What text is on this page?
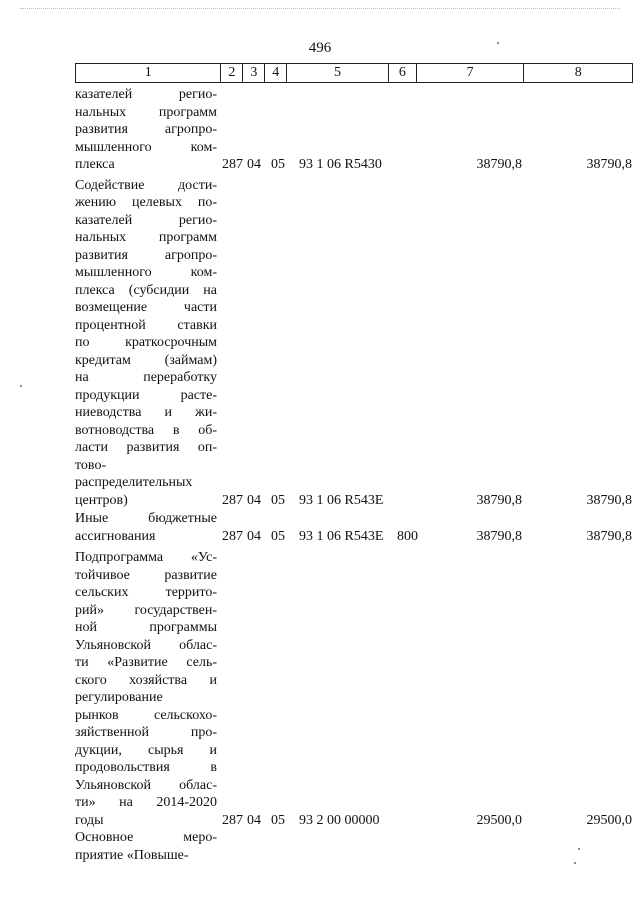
496
1	2	3	4	5	6	7	8
казателей регио-
нальных программ
развития агропро-
мышленного ком-
плекса	287 04 05 93 1 06 R5430	38790,8	38790,8
Содействие дости-
жению целевых по-
казателей регио-
нальных программ
развития агропро-
мышленного ком-
плекса (субсидии на
возмещение части
процентной ставки
по краткосрочным
кредитам (займам)
на переработку
продукции расте-
ниеводства и жи-
вотноводства в об-
ласти развития оп-
тово-
распределительных
центров)	287 04 05 93 1 06 R543E	38790,8	38790,8
Иные бюджетные
ассигнования	287 04 05 93 1 06 R543E 800	38790,8	38790,8
Подпрограмма «Ус-
тойчивое развитие
сельских террито-
рий» государствен-
ной программы
Ульяновской облас-
ти «Развитие сель-
ского хозяйства и
регулирование
рынков сельскохо-
зяйственной про-
дукции, сырья и
продовольствия в
Ульяновской облас-
ти» на 2014-2020
годы	287 04 05 93 2 00 00000	29500,0	29500,0
Основное меро-
приятие «Повыше-
